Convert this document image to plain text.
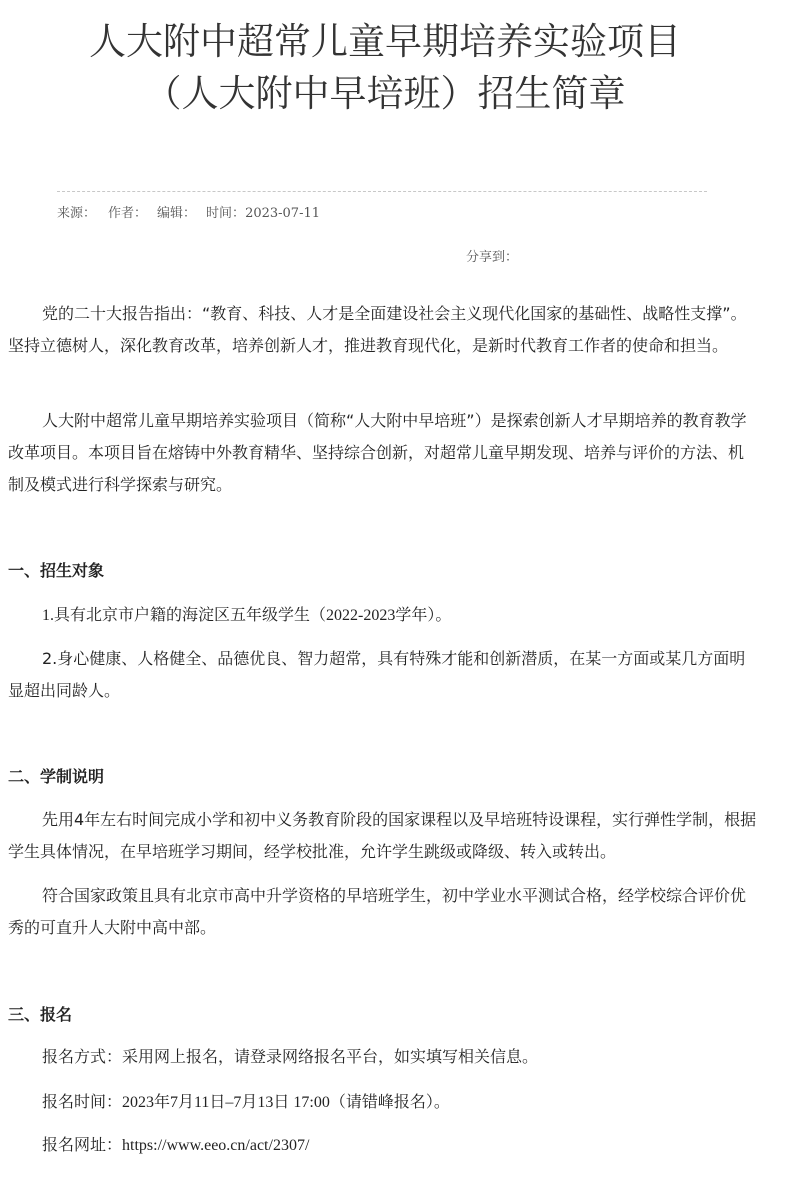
人大附中超常儿童早期培养实验项目
（人大附中早培班）招生简章
来源： 作者： 编辑： 时间：2023-07-11
分享到：

党的二十大报告指出：“教育、科技、人才是全面建设社会主义现代化国家的基础性、战略性支撑”。坚持立德树人，深化教育改革，培养创新人才，推进教育现代化，是新时代教育工作者的使命和担当。

人大附中超常儿童早期培养实验项目（简称“人大附中早培班”）是探索创新人才早期培养的教育教学改革项目。本项目旨在熔铸中外教育精华、坚持综合创新，对超常儿童早期发现、培养与评价的方法、机制及模式进行科学探索与研究。

一、招生对象

1.具有北京市户籍的海淀区五年级学生（2022-2023学年）。

2.身心健康、人格健全、品德优良、智力超常，具有特殊才能和创新潜质，在某一方面或某几方面明显超出同龄人。

二、学制说明

先用4年左右时间完成小学和初中义务教育阶段的国家课程以及早培班特设课程，实行弹性学制，根据学生具体情况，在早培班学习期间，经学校批准，允许学生跳级或降级、转入或转出。

符合国家政策且具有北京市高中升学资格的早培班学生，初中学业水平测试合格，经学校综合评价优秀的可直升人大附中高中部。

三、报名

报名方式：采用网上报名，请登录网络报名平台，如实填写相关信息。

报名时间：2023年7月11日–7月13日 17:00（请错峰报名）。

报名网址：https://www.eeo.cn/act/2307/
